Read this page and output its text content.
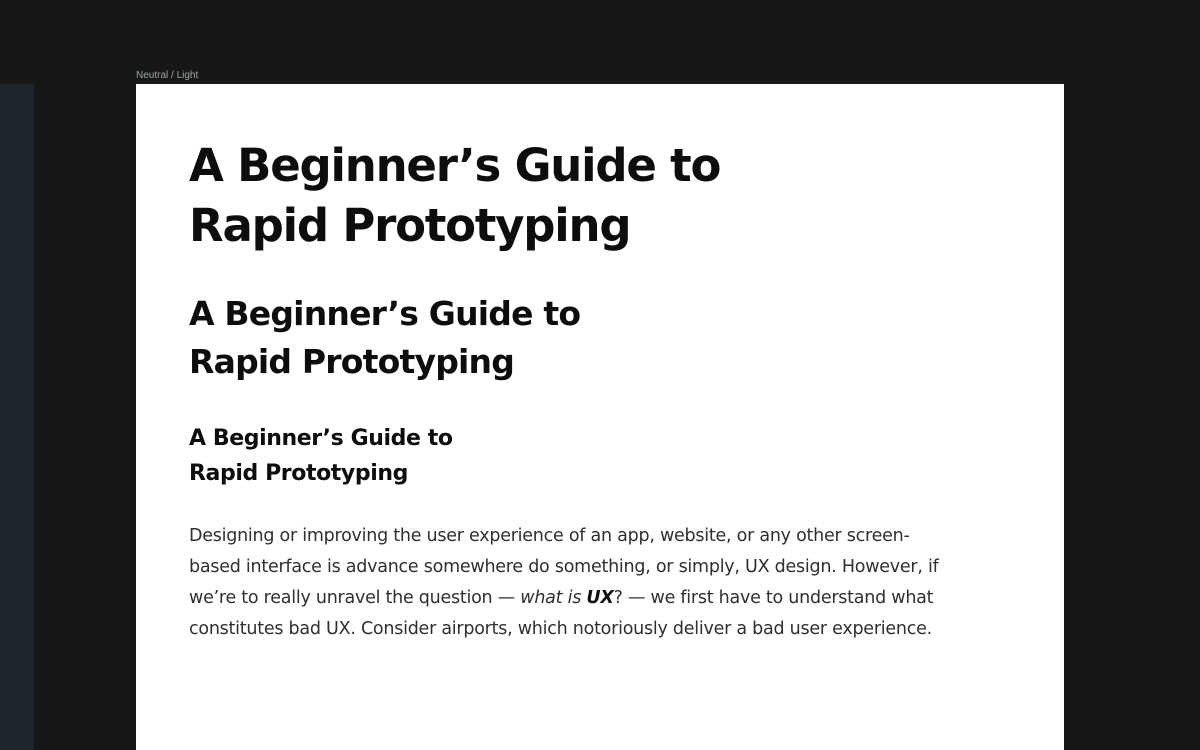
Neutral / Light
A Beginner’s Guide to
Rapid Prototyping
A Beginner’s Guide to
Rapid Prototyping
A Beginner’s Guide to
Rapid Prototyping

Designing or improving the user experience of an app, website, or any other screen-
based interface is advance somewhere do something, or simply, UX design. However, if
we’re to really unravel the question — what is UX? — we first have to understand what
constitutes bad UX. Consider airports, which notoriously deliver a bad user experience.
